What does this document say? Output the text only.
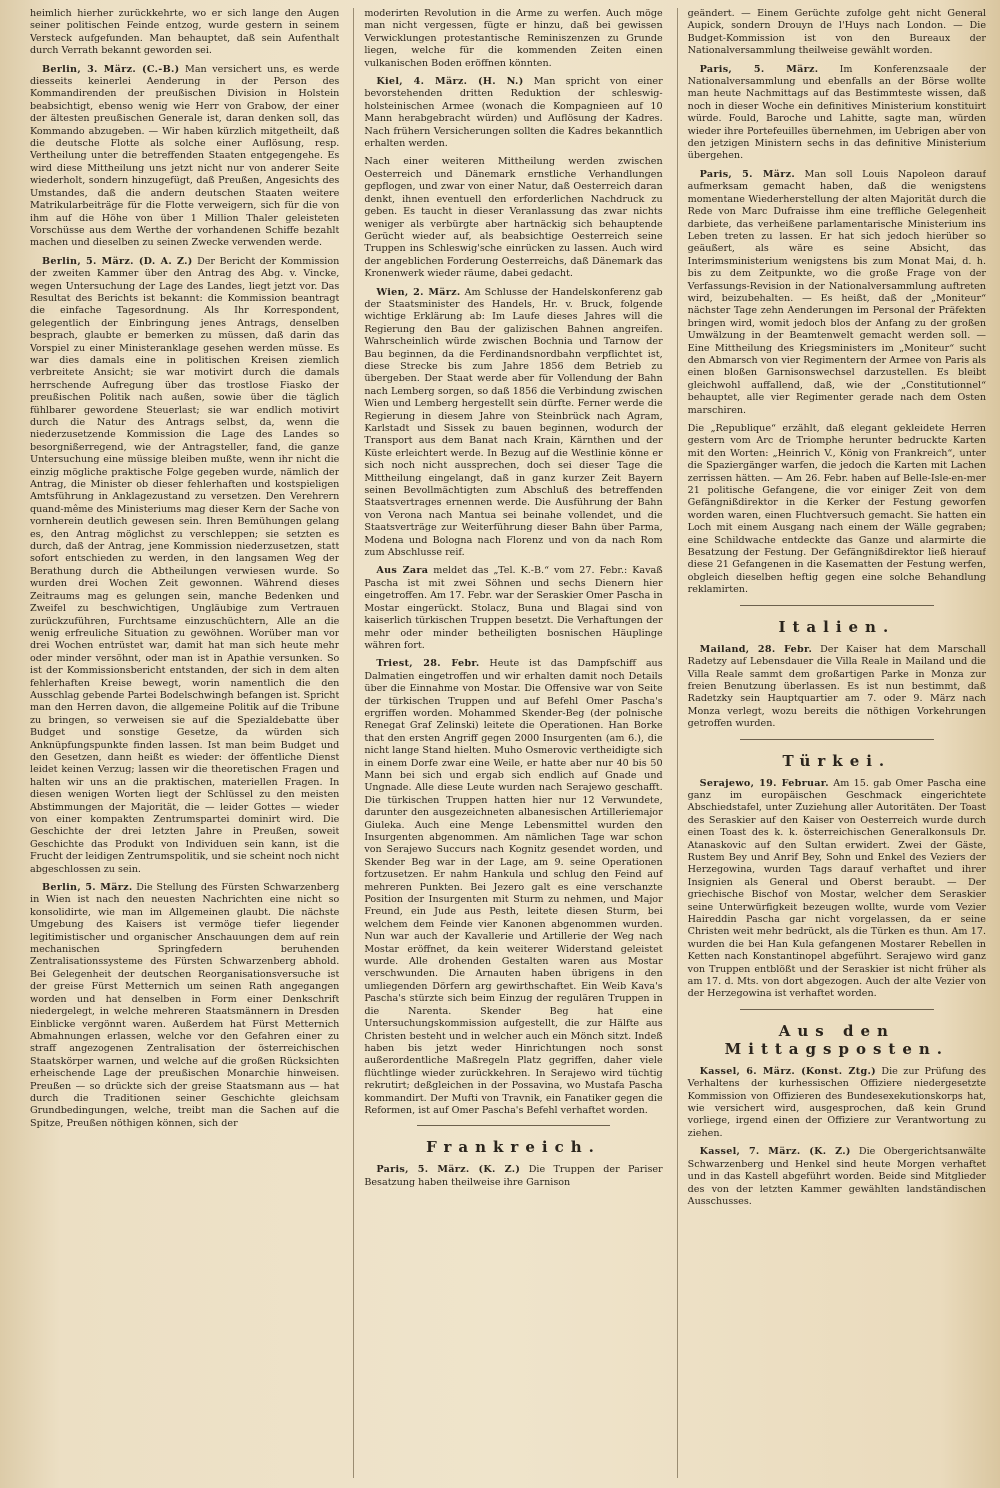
heimlich hierher zurückkehrte, wo er sich lange den Augen seiner politischen Feinde entzog, wurde gestern in seinem Versteck aufgefunden. Man behauptet, daß sein Aufenthalt durch Verrath bekannt geworden sei.

Berlin, 3. März. (C.-B.) Man versichert uns, es werde diesseits keinerlei Aenderung in der Person des Kommandirenden der preußischen Division in Holstein beabsichtigt, ebenso wenig wie Herr von Grabow, der einer der ältesten preußischen Generale ist, daran denken soll, das Kommando abzugeben. — Wir haben kürzlich mitgetheilt, daß die deutsche Flotte als solche einer Auflösung, resp. Vertheilung unter die betreffenden Staaten entgegengehe. Es wird diese Mittheilung uns jetzt nicht nur von anderer Seite wiederholt, sondern hinzugefügt, daß Preußen, Angesichts des Umstandes, daß die andern deutschen Staaten weitere Matrikularbeiträge für die Flotte verweigern, sich für die von ihm auf die Höhe von über 1 Million Thaler geleisteten Vorschüsse aus dem Werthe der vorhandenen Schiffe bezahlt machen und dieselben zu seinen Zwecke verwenden werde.

Berlin, 5. März. (D. A. Z.) Der Bericht der Kommission der zweiten Kammer über den Antrag des Abg. v. Vincke, wegen Untersuchung der Lage des Landes, liegt jetzt vor. Das Resultat des Berichts ist bekannt: die Kommission beantragt die einfache Tagesordnung. Als Ihr Korrespondent, gelegentlich der Einbringung jenes Antrags, denselben besprach, glaubte er bemerken zu müssen, daß darin das Vorspiel zu einer Ministeranklage gesehen werden müsse. Es war dies damals eine in politischen Kreisen ziemlich verbreitete Ansicht; sie war motivirt durch die damals herrschende Aufregung über das trostlose Fiasko der preußischen Politik nach außen, sowie über die täglich fühlbarer gewordene Steuerlast; sie war endlich motivirt durch die Natur des Antrags selbst, da, wenn die niederzusetzende Kommission die Lage des Landes so besorgnißerregend, wie der Antragsteller, fand, die ganze Untersuchung eine müssige bleiben mußte, wenn ihr nicht die einzig mögliche praktische Folge gegeben wurde, nämlich der Antrag, die Minister ob dieser fehlerhaften und kostspieligen Amtsführung in Anklagezustand zu versetzen. Den Verehrern quand-même des Ministeriums mag dieser Kern der Sache von vornherein deutlich gewesen sein. Ihren Bemühungen gelang es, den Antrag möglichst zu verschleppen; sie setzten es durch, daß der Antrag, jene Kommission niederzusetzen, statt sofort entschieden zu werden, in den langsamen Weg der Berathung durch die Abtheilungen verwiesen wurde. So wurden drei Wochen Zeit gewonnen. Während dieses Zeitraums mag es gelungen sein, manche Bedenken und Zweifel zu beschwichtigen, Ungläubige zum Vertrauen zurückzuführen, Furchtsame einzuschüchtern, Alle an die wenig erfreuliche Situation zu gewöhnen. Worüber man vor drei Wochen entrüstet war, damit hat man sich heute mehr oder minder versöhnt, oder man ist in Apathie versunken. So ist der Kommissionsbericht entstanden, der sich in dem alten fehlerhaften Kreise bewegt, worin namentlich die den Ausschlag gebende Partei Bodelschwingh befangen ist. Spricht man den Herren davon, die allgemeine Politik auf die Tribune zu bringen, so verweisen sie auf die Spezialdebatte über Budget und sonstige Gesetze, da würden sich Anknüpfungspunkte finden lassen. Ist man beim Budget und den Gesetzen, dann heißt es wieder: der öffentliche Dienst leidet keinen Verzug; lassen wir die theoretischen Fragen und halten wir uns an die praktischen, materiellen Fragen. In diesen wenigen Worten liegt der Schlüssel zu den meisten Abstimmungen der Majorität, die — leider Gottes — wieder von einer kompakten Zentrumspartei dominirt wird. Die Geschichte der drei letzten Jahre in Preußen, soweit Geschichte das Produkt von Individuen sein kann, ist die Frucht der leidigen Zentrumspolitik, und sie scheint noch nicht abgeschlossen zu sein.

Berlin, 5. März. Die Stellung des Fürsten Schwarzenberg in Wien ist nach den neuesten Nachrichten eine nicht so konsolidirte, wie man im Allgemeinen glaubt. Die nächste Umgebung des Kaisers ist vermöge tiefer liegender legitimistischer und organischer Anschauungen dem auf rein mechanischen Springfedern beruhenden Zentralisationssysteme des Fürsten Schwarzenberg abhold. Bei Gelegenheit der deutschen Reorganisationsversuche ist der greise Fürst Metternich um seinen Rath angegangen worden und hat denselben in Form einer Denkschrift niedergelegt, in welche mehreren Staatsmännern in Dresden Einblicke vergönnt waren. Außerdem hat Fürst Metternich Abmahnungen erlassen, welche vor den Gefahren einer zu straff angezogenen Zentralisation der österreichischen Staatskörper warnen, und welche auf die großen Rücksichten erheischende Lage der preußischen Monarchie hinweisen. Preußen — so drückte sich der greise Staatsmann aus — hat durch die Traditionen seiner Geschichte gleichsam Grundbedingungen, welche, treibt man die Sachen auf die Spitze, Preußen nöthigen können, sich der

moderirten Revolution in die Arme zu werfen. Auch möge man nicht vergessen, fügte er hinzu, daß bei gewissen Verwicklungen protestantische Reminiszenzen zu Grunde liegen, welche für die kommenden Zeiten einen vulkanischen Boden eröffnen könnten.

Kiel, 4. März. (H. N.) Man spricht von einer bevorstehenden dritten Reduktion der schleswig-holsteinischen Armee (wonach die Kompagnieen auf 10 Mann herabgebracht würden) und Auflösung der Kadres. Nach frühern Versicherungen sollten die Kadres bekanntlich erhalten werden.

Nach einer weiteren Mittheilung werden zwischen Oesterreich und Dänemark ernstliche Verhandlungen gepflogen, und zwar von einer Natur, daß Oesterreich daran denkt, ihnen eventuell den erforderlichen Nachdruck zu geben. Es taucht in dieser Veranlassung das zwar nichts weniger als verbürgte aber hartnäckig sich behauptende Gerücht wieder auf, als beabsichtige Oesterreich seine Truppen ins Schleswig'sche einrücken zu lassen. Auch wird der angeblichen Forderung Oesterreichs, daß Dänemark das Kronenwerk wieder räume, dabei gedacht.

Wien, 2. März. Am Schlusse der Handelskonferenz gab der Staatsminister des Handels, Hr. v. Bruck, folgende wichtige Erklärung ab: Im Laufe dieses Jahres will die Regierung den Bau der galizischen Bahnen angreifen. Wahrscheinlich würde zwischen Bochnia und Tarnow der Bau beginnen, da die Ferdinandsnordbahn verpflichtet ist, diese Strecke bis zum Jahre 1856 dem Betrieb zu übergeben. Der Staat werde aber für Vollendung der Bahn nach Lemberg sorgen, so daß 1856 die Verbindung zwischen Wien und Lemberg hergestellt sein dürfte. Ferner werde die Regierung in diesem Jahre von Steinbrück nach Agram, Karlstadt und Sissek zu bauen beginnen, wodurch der Transport aus dem Banat nach Krain, Kärnthen und der Küste erleichtert werde. In Bezug auf die Westlinie könne er sich noch nicht aussprechen, doch sei dieser Tage die Mittheilung eingelangt, daß in ganz kurzer Zeit Bayern seinen Bevollmächtigten zum Abschluß des betreffenden Staatsvertrages ernennen werde. Die Ausführung der Bahn von Verona nach Mantua sei beinahe vollendet, und die Staatsverträge zur Weiterführung dieser Bahn über Parma, Modena und Bologna nach Florenz und von da nach Rom zum Abschlusse reif.

Aus Zara meldet das „Tel. K.-B.“ vom 27. Febr.: Kavaß Pascha ist mit zwei Söhnen und sechs Dienern hier eingetroffen. Am 17. Febr. war der Seraskier Omer Pascha in Mostar eingerückt. Stolacz, Buna und Blagai sind von kaiserlich türkischen Truppen besetzt. Die Verhaftungen der mehr oder minder betheiligten bosnischen Häuplinge währen fort.

Triest, 28. Febr. Heute ist das Dampfschiff aus Dalmatien eingetroffen und wir erhalten damit noch Details über die Einnahme von Mostar. Die Offensive war von Seite der türkischen Truppen und auf Befehl Omer Pascha's ergriffen worden. Mohammed Skender-Beg (der polnische Renegat Graf Zelinski) leitete die Operationen. Han Borke that den ersten Angriff gegen 2000 Insurgenten (am 6.), die nicht lange Stand hielten. Muho Osmerovic vertheidigte sich in einem Dorfe zwar eine Weile, er hatte aber nur 40 bis 50 Mann bei sich und ergab sich endlich auf Gnade und Ungnade. Alle diese Leute wurden nach Serajewo geschafft. Die türkischen Truppen hatten hier nur 12 Verwundete, darunter den ausgezeichneten albanesischen Artilleriemajor Giuleka. Auch eine Menge Lebensmittel wurden den Insurgenten abgenommen. Am nämlichen Tage war schon von Serajewo Succurs nach Kognitz gesendet worden, und Skender Beg war in der Lage, am 9. seine Operationen fortzusetzen. Er nahm Hankula und schlug den Feind auf mehreren Punkten. Bei Jezero galt es eine verschanzte Position der Insurgenten mit Sturm zu nehmen, und Major Freund, ein Jude aus Pesth, leitete diesen Sturm, bei welchem dem Feinde vier Kanonen abgenommen wurden. Nun war auch der Kavallerie und Artillerie der Weg nach Mostar eröffnet, da kein weiterer Widerstand geleistet wurde. Alle drohenden Gestalten waren aus Mostar verschwunden. Die Arnauten haben übrigens in den umliegenden Dörfern arg gewirthschaftet. Ein Weib Kava's Pascha's stürzte sich beim Einzug der regulären Truppen in die Narenta. Skender Beg hat eine Untersuchungskommission aufgestellt, die zur Hälfte aus Christen besteht und in welcher auch ein Mönch sitzt. Indeß haben bis jetzt weder Hinrichtungen noch sonst außerordentliche Maßregeln Platz gegriffen, daher viele flüchtlinge wieder zurückkehren. In Serajewo wird tüchtig rekrutirt; deßgleichen in der Possavina, wo Mustafa Pascha kommandirt. Der Mufti von Travnik, ein Fanatiker gegen die Reformen, ist auf Omer Pascha's Befehl verhaftet worden.

Frankreich.

Paris, 5. März. (K. Z.) Die Truppen der Pariser Besatzung haben theilweise ihre Garnison

geändert. — Einem Gerüchte zufolge geht nicht General Aupick, sondern Drouyn de l'Huys nach London. — Die Budget-Kommission ist von den Bureaux der Nationalversammlung theilweise gewählt worden.

Paris, 5. März. Im Konferenzsaale der Nationalversammlung und ebenfalls an der Börse wollte man heute Nachmittags auf das Bestimmteste wissen, daß noch in dieser Woche ein definitives Ministerium konstituirt würde. Fould, Baroche und Lahitte, sagte man, würden wieder ihre Portefeuilles übernehmen, im Uebrigen aber von den jetzigen Ministern sechs in das definitive Ministerium übergehen.

Paris, 5. März. Man soll Louis Napoleon darauf aufmerksam gemacht haben, daß die wenigstens momentane Wiederherstellung der alten Majorität durch die Rede von Marc Dufraisse ihm eine treffliche Gelegenheit darbiete, das verheißene parlamentarische Ministerium ins Leben treten zu lassen. Er hat sich jedoch hierüber so geäußert, als wäre es seine Absicht, das Interimsministerium wenigstens bis zum Monat Mai, d. h. bis zu dem Zeitpunkte, wo die große Frage von der Verfassungs-Revision in der Nationalversammlung auftreten wird, beizubehalten. — Es heißt, daß der „Moniteur“ nächster Tage zehn Aenderungen im Personal der Präfekten bringen wird, womit jedoch blos der Anfang zu der großen Umwälzung in der Beamtenwelt gemacht werden soll. — Eine Mittheilung des Kriegsministers im „Moniteur“ sucht den Abmarsch von vier Regimentern der Armee von Paris als einen bloßen Garnisonswechsel darzustellen. Es bleibt gleichwohl auffallend, daß, wie der „Constitutionnel“ behauptet, alle vier Regimenter gerade nach dem Osten marschiren.

Die „Republique“ erzählt, daß elegant gekleidete Herren gestern vom Arc de Triomphe herunter bedruckte Karten mit den Worten: „Heinrich V., König von Frankreich“, unter die Spaziergänger warfen, die jedoch die Karten mit Lachen zerrissen hätten. — Am 26. Febr. haben auf Belle-Isle-en-mer 21 politische Gefangene, die vor einiger Zeit von dem Gefängnißdirektor in die Kerker der Festung geworfen worden waren, einen Fluchtversuch gemacht. Sie hatten ein Loch mit einem Ausgang nach einem der Wälle gegraben; eine Schildwache entdeckte das Ganze und alarmirte die Besatzung der Festung. Der Gefängnißdirektor ließ hierauf diese 21 Gefangenen in die Kasematten der Festung werfen, obgleich dieselben heftig gegen eine solche Behandlung reklamirten.

Italien.

Mailand, 28. Febr. Der Kaiser hat dem Marschall Radetzy auf Lebensdauer die Villa Reale in Mailand und die Villa Reale sammt dem großartigen Parke in Monza zur freien Benutzung überlassen. Es ist nun bestimmt, daß Radetzky sein Hauptquartier am 7. oder 9. März nach Monza verlegt, wozu bereits die nöthigen Vorkehrungen getroffen wurden.

Türkei.

Serajewo, 19. Februar. Am 15. gab Omer Pascha eine ganz im europäischen Geschmack eingerichtete Abschiedstafel, unter Zuziehung aller Autoritäten. Der Toast des Seraskier auf den Kaiser von Oesterreich wurde durch einen Toast des k. k. österreichischen Generalkonsuls Dr. Atanaskovic auf den Sultan erwidert. Zwei der Gäste, Rustem Bey und Anrif Bey, Sohn und Enkel des Veziers der Herzegowina, wurden Tags darauf verhaftet und ihrer Insignien als General und Oberst beraubt. — Der griechische Bischof von Mostar, welcher dem Seraskier seine Unterwürfigkeit bezeugen wollte, wurde vom Vezier Haireddin Pascha gar nicht vorgelassen, da er seine Christen weit mehr bedrückt, als die Türken es thun. Am 17. wurden die bei Han Kula gefangenen Mostarer Rebellen in Ketten nach Konstantinopel abgeführt. Serajewo wird ganz von Truppen entblößt und der Seraskier ist nicht früher als am 17. d. Mts. von dort abgezogen. Auch der alte Vezier von der Herzegowina ist verhaftet worden.

Aus den Mittagsposten.

Kassel, 6. März. (Konst. Ztg.) Die zur Prüfung des Verhaltens der kurhessischen Offiziere niedergesetzte Kommission von Offizieren des Bundesexekutionskorps hat, wie versichert wird, ausgesprochen, daß kein Grund vorliege, irgend einen der Offiziere zur Verantwortung zu ziehen.

Kassel, 7. März. (K. Z.) Die Obergerichtsanwälte Schwarzenberg und Henkel sind heute Morgen verhaftet und in das Kastell abgeführt worden. Beide sind Mitglieder des von der letzten Kammer gewählten landständischen Ausschusses.
